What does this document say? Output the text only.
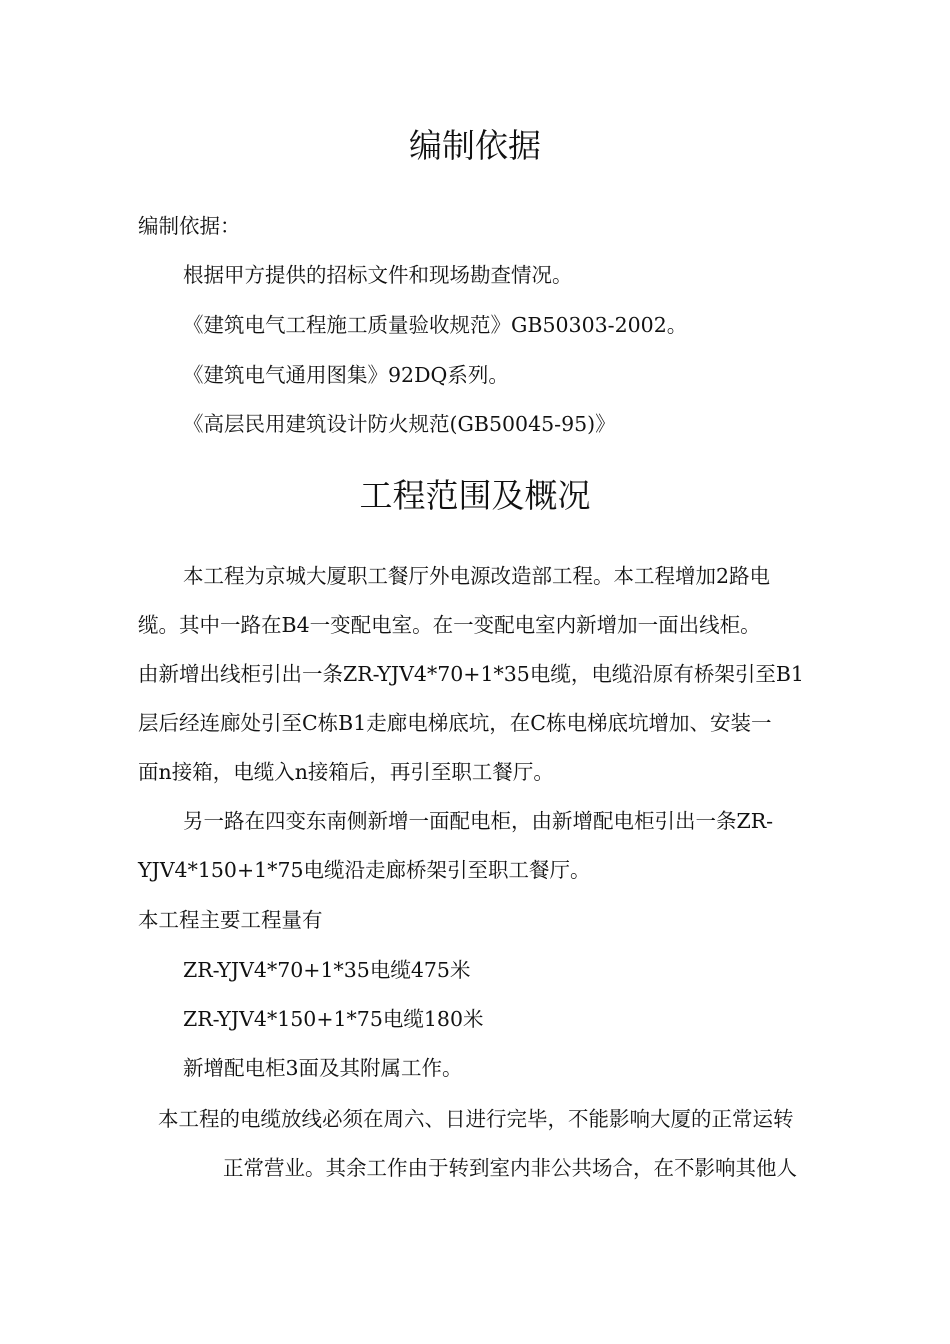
编制依据
编制依据：
根据甲方提供的招标文件和现场勘查情况。
《建筑电气工程施工质量验收规范》GB50303-2002。
《建筑电气通用图集》92DQ系列。
《高层民用建筑设计防火规范(GB50045-95)》
工程范围及概况
本工程为京城大厦职工餐厅外电源改造部工程。本工程增加2路电
缆。其中一路在B4一变配电室。在一变配电室内新增加一面出线柜。
由新增出线柜引出一条ZR-YJV4*70+1*35电缆，电缆沿原有桥架引至B1
层后经连廊处引至C栋B1走廊电梯底坑，在C栋电梯底坑增加、安装一
面n接箱，电缆入n接箱后，再引至职工餐厅。
另一路在四变东南侧新增一面配电柜，由新增配电柜引出一条ZR-
YJV4*150+1*75电缆沿走廊桥架引至职工餐厅。
本工程主要工程量有
ZR-YJV4*70+1*35电缆475米
ZR-YJV4*150+1*75电缆180米
新增配电柜3面及其附属工作。
本工程的电缆放线必须在周六、日进行完毕，不能影响大厦的正常运转
正常营业。其余工作由于转到室内非公共场合，在不影响其他人
